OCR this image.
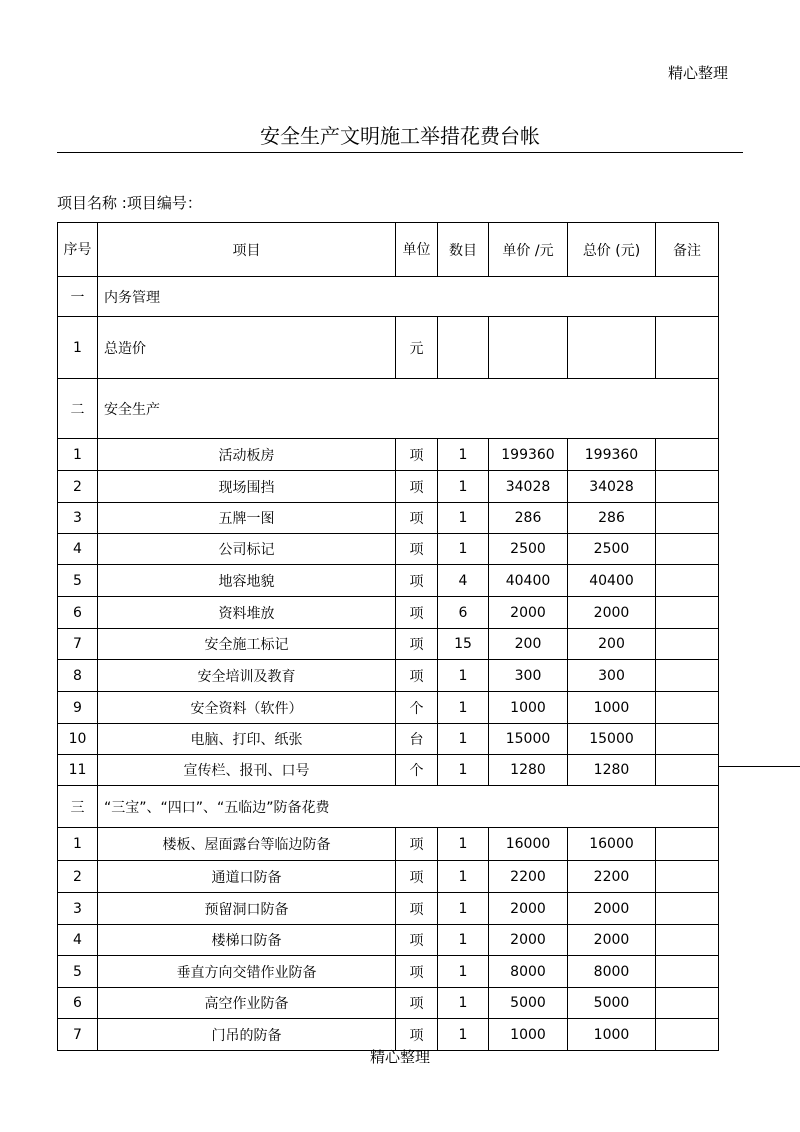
精心整理
安全生产文明施工举措花费台帐
项目名称 :项目编号：
序号	项目	单位	数目	单价 /元	总价 (元)	备注
一	内务管理					
1	总造价	元				
二	安全生产					
1	活动板房	项	1	199360	199360	
2	现场围挡	项	1	34028	34028	
3	五牌一图	项	1	286	286	
4	公司标记	项	1	2500	2500	
5	地容地貌	项	4	40400	40400	
6	资料堆放	项	6	2000	2000	
7	安全施工标记	项	15	200	200	
8	安全培训及教育	项	1	300	300	
9	安全资料（软件）	个	1	1000	1000	
10	电脑、打印、纸张	台	1	15000	15000	
11	宣传栏、报刊、口号	个	1	1280	1280	
三	“三宝”、“四口”、“五临边”防备花费					
1	楼板、屋面露台等临边防备	项	1	16000	16000	
2	通道口防备	项	1	2200	2200	
3	预留洞口防备	项	1	2000	2000	
4	楼梯口防备	项	1	2000	2000	
5	垂直方向交错作业防备	项	1	8000	8000	
6	高空作业防备	项	1	5000	5000	
7	门吊的防备	项	1	1000	1000	
精心整理
